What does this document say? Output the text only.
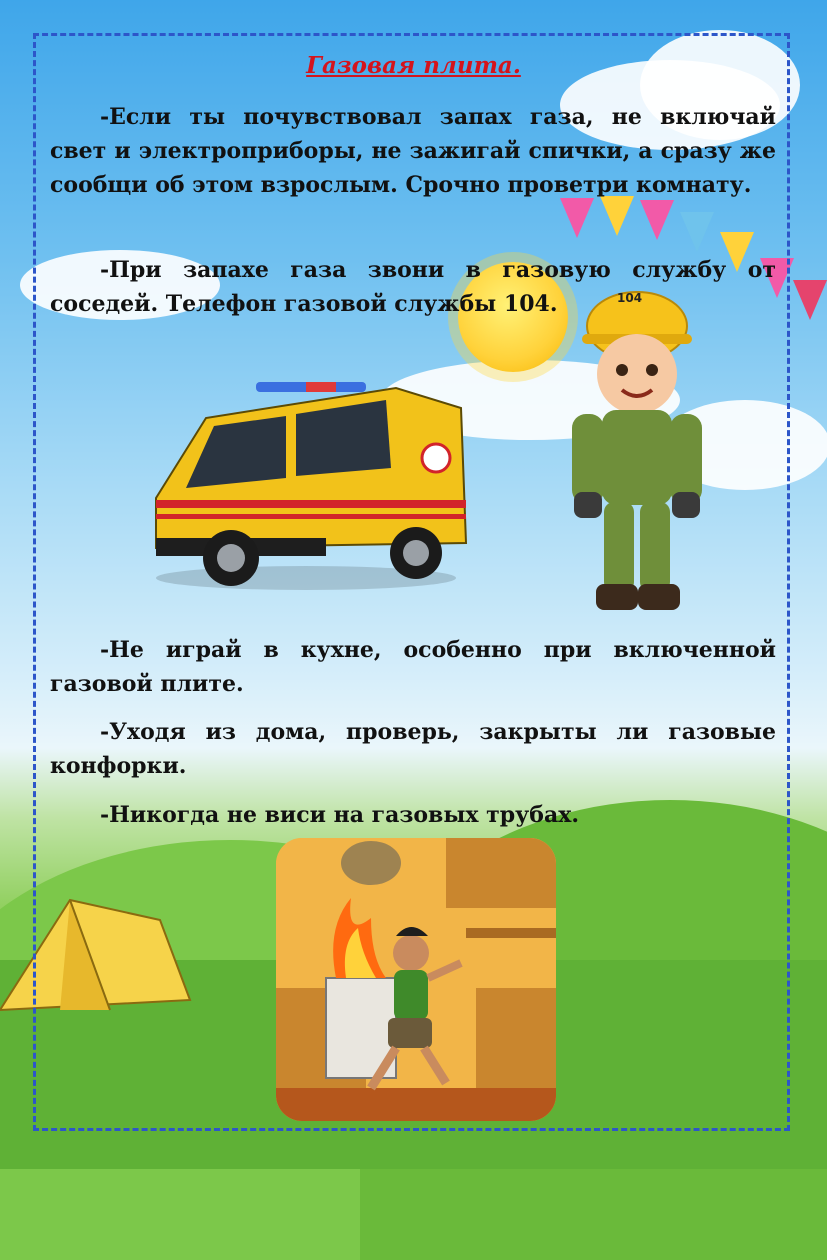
Газовая плита.

-Если ты почувствовал запах газа, не включай свет и электроприборы, не зажигай спички, а сразу же сообщи об этом взрослым. Срочно проветри комнату.

-При запахе газа звони в газовую службу от соседей. Телефон газовой службы 104.	104

-Не играй в кухне, особенно при включенной газовой плите.

-Уходя из дома, проверь, закрыты ли газовые конфорки.

-Никогда не виси на газовых трубах.
